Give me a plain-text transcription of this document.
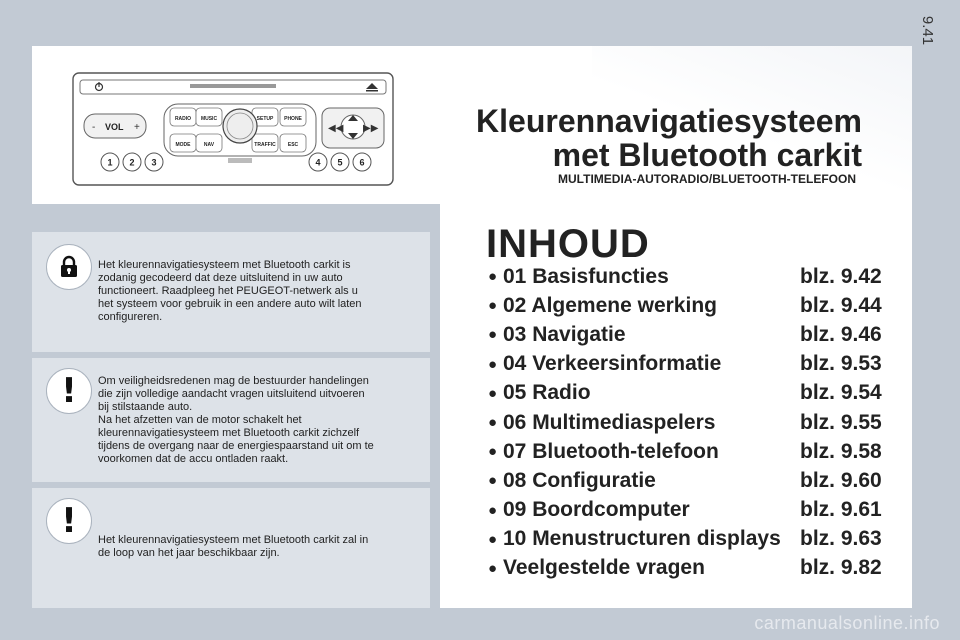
9.41
- VOL +
RADIO MUSIC	SETUP PHONE
MODE	NAV	TRAFFIC ESC
◀◀ ▶▶
1 2 3	4 5 6
Kleurennavigatiesysteem
met Bluetooth carkit
MULTIMEDIA-AUTORADIO/BLUETOOTH-TELEFOON
Het kleurennavigatiesysteem met Bluetooth carkit is
zodanig gecodeerd dat deze uitsluitend in uw auto
functioneert. Raadpleeg het PEUGEOT-netwerk als u
het systeem voor gebruik in een andere auto wilt laten
configureren.
! Om veiligheidsredenen mag de bestuurder handelingen
die zijn volledige aandacht vragen uitsluitend uitvoeren
bij stilstaande auto.
Na het afzetten van de motor schakelt het
kleurennavigatiesysteem met Bluetooth carkit zichzelf
tijdens de overgang naar de energiespaarstand uit om te
voorkomen dat de accu ontladen raakt.
! Het kleurennavigatiesysteem met Bluetooth carkit zal in
de loop van het jaar beschikbaar zijn.
INHOUD
● 01 Basisfuncties	blz. 9.42
● 02 Algemene werking	blz. 9.44
● 03 Navigatie	blz. 9.46
● 04 Verkeersinformatie	blz. 9.53
● 05 Radio	blz. 9.54
● 06 Multimediaspelers	blz. 9.55
● 07 Bluetooth-telefoon	blz. 9.58
● 08 Configuratie	blz. 9.60
● 09 Boordcomputer	blz. 9.61
● 10 Menustructuren displays blz. 9.63
● Veelgestelde vragen	blz. 9.82
carmanualsonline.info
